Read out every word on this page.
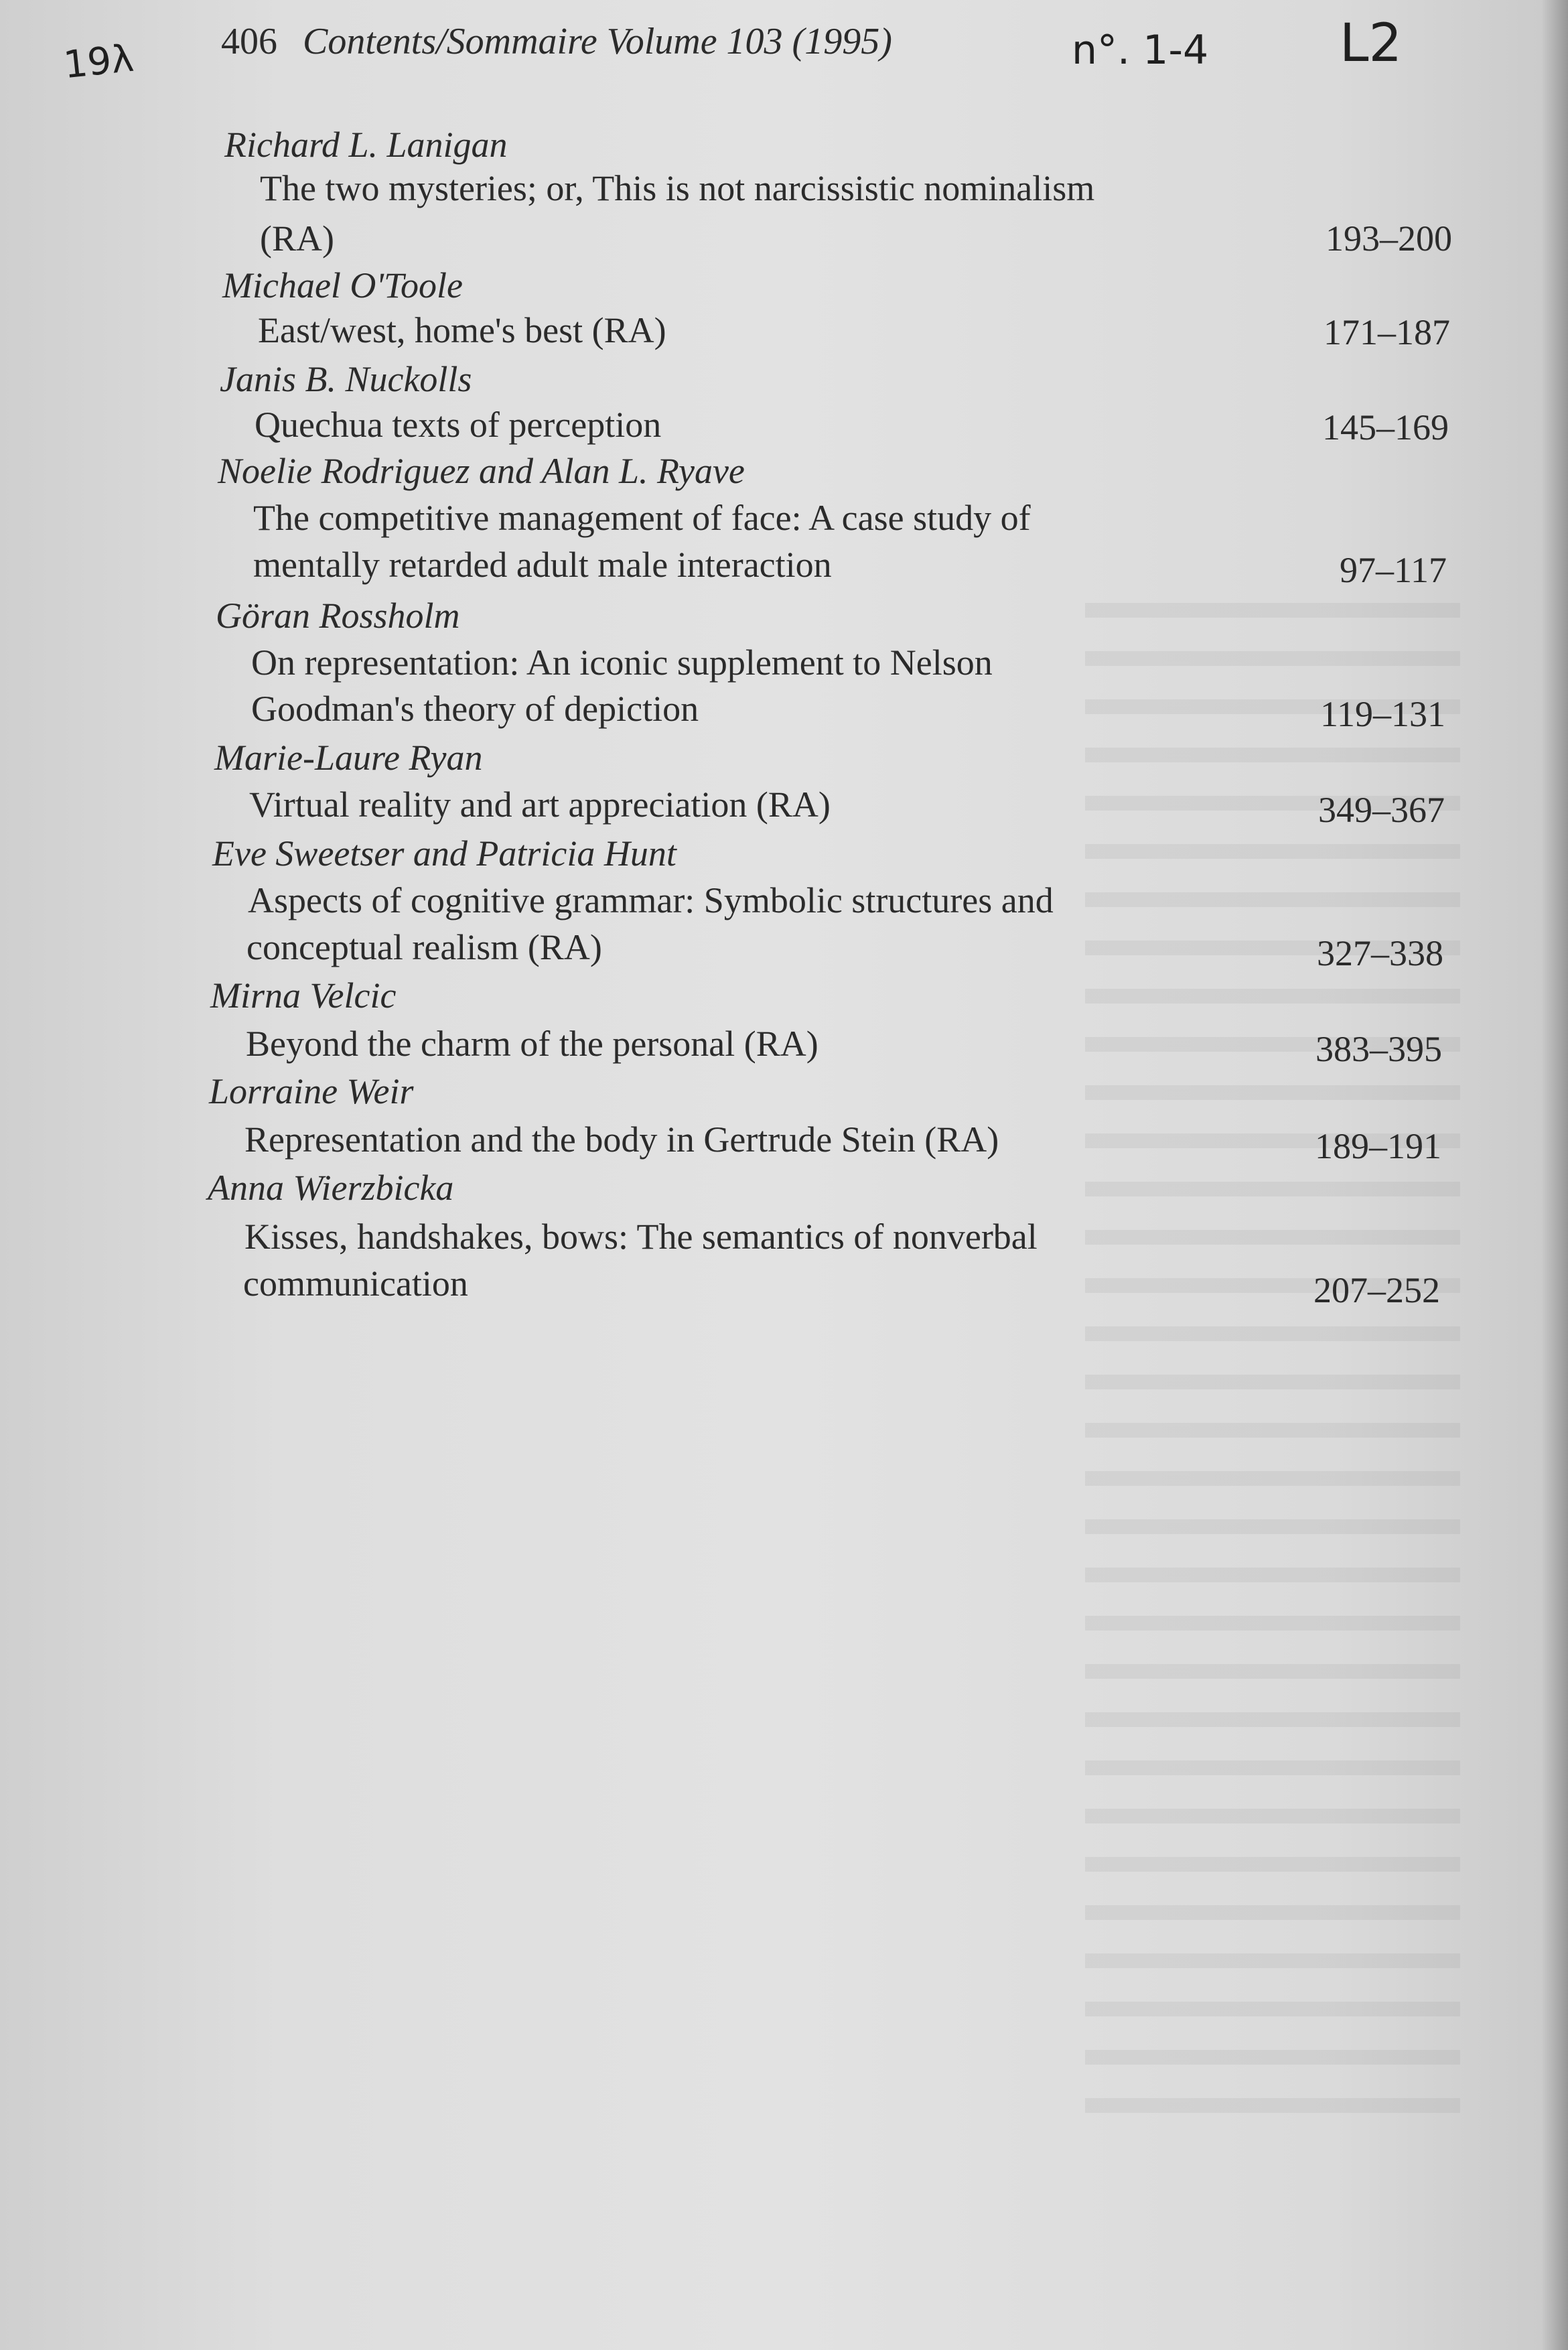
19λ	n°. 1-4	L2
406 Contents/Sommaire Volume 103 (1995)
Richard L. Lanigan
The two mysteries; or, This is not narcissistic nominalism
(RA)	193–200
Michael O'Toole
East/west, home's best (RA)	171–187
Janis B. Nuckolls
Quechua texts of perception	145–169
Noelie Rodriguez and Alan L. Ryave
The competitive management of face: A case study of
mentally retarded adult male interaction	97–117
Göran Rossholm
On representation: An iconic supplement to Nelson
Goodman's theory of depiction	119–131
Marie-Laure Ryan
Virtual reality and art appreciation (RA)	349–367
Eve Sweetser and Patricia Hunt
Aspects of cognitive grammar: Symbolic structures and
conceptual realism (RA)	327–338
Mirna Velcic
Beyond the charm of the personal (RA)	383–395
Lorraine Weir
Representation and the body in Gertrude Stein (RA)	189–191
Anna Wierzbicka
Kisses, handshakes, bows: The semantics of nonverbal
communication	207–252
